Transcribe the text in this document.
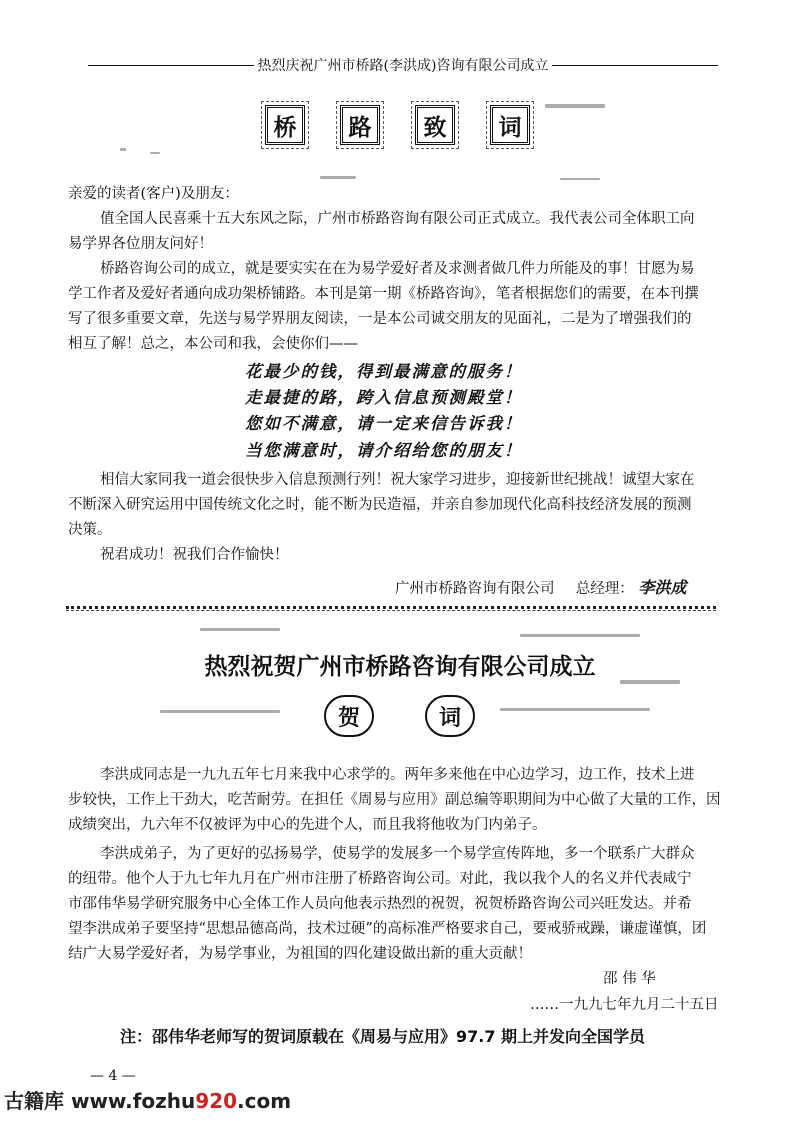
热烈庆祝广州市桥路(李洪成)咨询有限公司成立
桥	路	致	词
亲爱的读者(客户)及朋友：
值全国人民喜乘十五大东风之际，广州市桥路咨询有限公司正式成立。我代表公司全体职工向
易学界各位朋友问好！
桥路咨询公司的成立，就是要实实在在为易学爱好者及求测者做几件力所能及的事！甘愿为易
学工作者及爱好者通向成功架桥铺路。本刊是第一期《桥路咨询》，笔者根据您们的需要，在本刊撰
写了很多重要文章，先送与易学界朋友阅读，一是本公司诚交朋友的见面礼，二是为了增强我们的
相互了解！总之，本公司和我，会使你们——
花最少的钱，得到最满意的服务！
走最捷的路，跨入信息预测殿堂！
您如不满意，请一定来信告诉我！
当您满意时，请介绍给您的朋友！
相信大家同我一道会很快步入信息预测行列！祝大家学习进步，迎接新世纪挑战！诚望大家在
不断深入研究运用中国传统文化之时，能不断为民造福，并亲自参加现代化高科技经济发展的预测
决策。
祝君成功！祝我们合作愉快！
广州市桥路咨询有限公司 总经理： 李洪成
热烈祝贺广州市桥路咨询有限公司成立
贺	词
李洪成同志是一九九五年七月来我中心求学的。两年多来他在中心边学习，边工作，技术上进
步较快，工作上干劲大，吃苦耐劳。在担任《周易与应用》副总编等职期间为中心做了大量的工作，因
成绩突出，九六年不仅被评为中心的先进个人，而且我将他收为门内弟子。
李洪成弟子，为了更好的弘扬易学，使易学的发展多一个易学宣传阵地，多一个联系广大群众
的纽带。他个人于九七年九月在广州市注册了桥路咨询公司。对此，我以我个人的名义并代表咸宁
市邵伟华易学研究服务中心全体工作人员向他表示热烈的祝贺，祝贺桥路咨询公司兴旺发达。并希
望李洪成弟子要坚持“思想品德高尚，技术过硬”的高标准严格要求自己，要戒骄戒躁，谦虚谨慎，团
结广大易学爱好者，为易学事业，为祖国的四化建设做出新的重大贡献！
邵 伟 华
……一九九七年九月二十五日
注：邵伟华老师写的贺词原载在《周易与应用》97.7 期上并发向全国学员
— 4 —
古籍库 www.fozhu920.com
